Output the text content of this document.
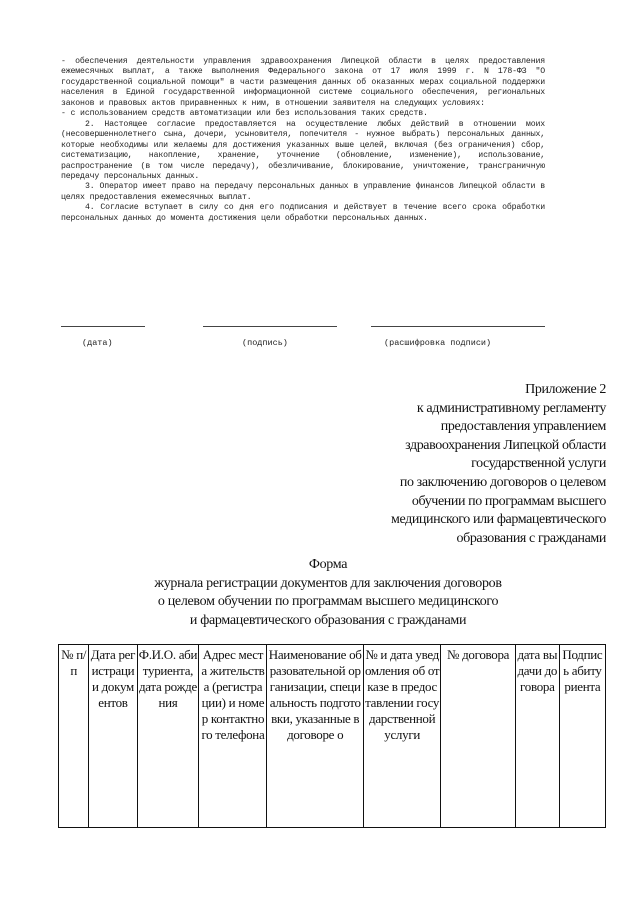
- обеспечения деятельности управления здравоохранения Липецкой области в целях предоставления ежемесячных выплат, а также выполнения Федерального закона от 17 июля 1999 г. N 178-ФЗ "О государственной социальной помощи" в части размещения данных об оказанных мерах социальной поддержки населения в Единой государственной информационной системе социального обеспечения, региональных законов и правовых актов приравненных к ним, в отношении заявителя на следующих условиях:

- с использованием средств автоматизации или без использования таких средств.

2. Настоящее согласие предоставляется на осуществление любых действий в отношении моих (несовершеннолетнего сына, дочери, усыновителя, попечителя - нужное выбрать) персональных данных, которые необходимы или желаемы для достижения указанных выше целей, включая (без ограничения) сбор, систематизацию, накопление, хранение, уточнение (обновление, изменение), использование, распространение (в том числе передачу), обезличивание, блокирование, уничтожение, трансграничную передачу персональных данных.

3. Оператор имеет право на передачу персональных данных в управление финансов Липецкой области в целях предоставления ежемесячных выплат.

4. Согласие вступает в силу со дня его подписания и действует в течение всего срока обработки персональных данных до момента достижения цели обработки персональных данных.

(дата)	(подпись)	(расшифровка подписи)
Приложение 2
к административному регламенту
предоставления управлением
здравоохранения Липецкой области
государственной услуги
по заключению договоров о целевом
обучении по программам высшего
медицинского или фармацевтического
образования с гражданами
Форма
журнала регистрации документов для заключения договоров
о целевом обучении по программам высшего медицинского
и фармацевтического образования с гражданами
№ п/п	Дата регистрации документов	Ф.И.О. абитуриента, дата рождения	Адрес места жительства (регистрации) и номер контактного телефона	Наименование образовательной организации, специальность подготовки, указанные в договоре о	№ и дата уведомления об отказе в предоставлении государственной услуги	№ договора	дата выдачи договора	Подпись абитуриента
